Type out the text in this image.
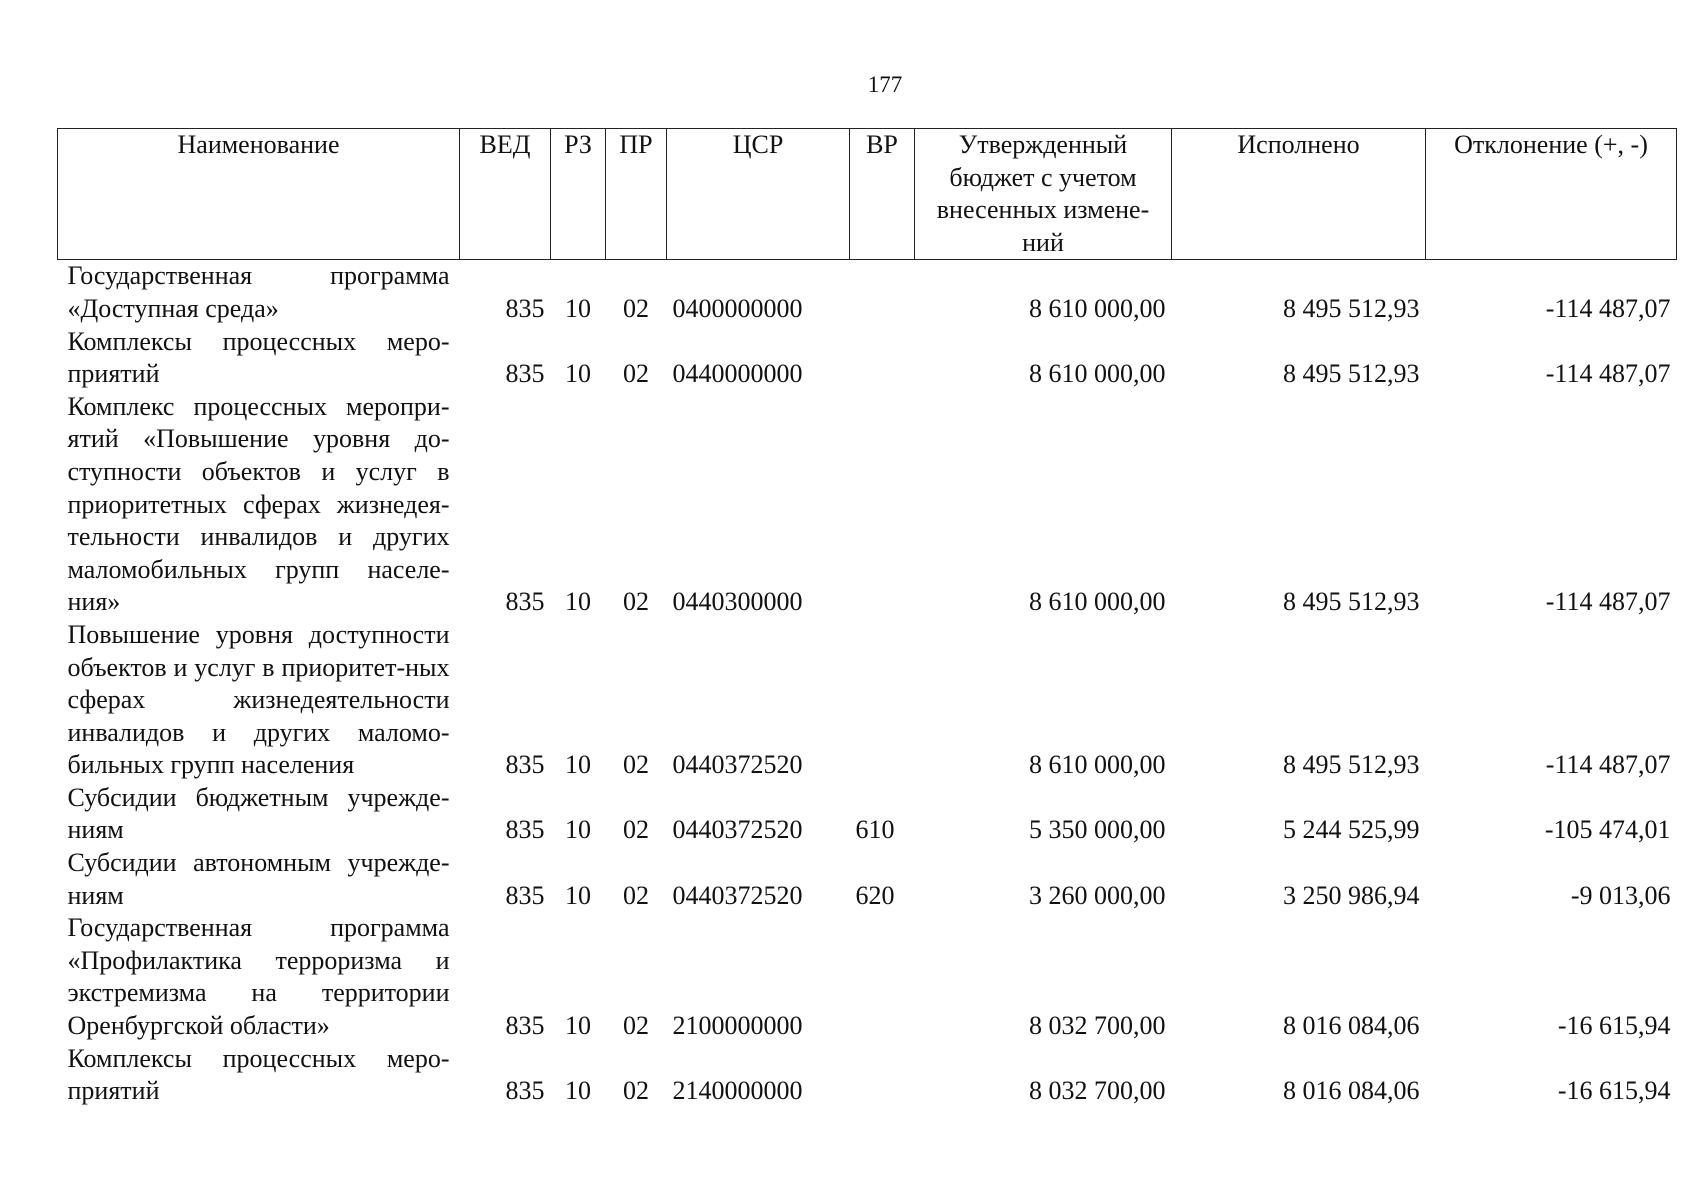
177
Наименование	ВЕД	РЗ	ПР	ЦСР	ВР	Утвержденный бюджет с учетом внесенных измене-ний	Исполнено	Отклонение (+, -)
Государственная программа «Доступная среда»	835	10	02	0400000000		8 610 000,00	8 495 512,93	-114 487,07
Комплексы процессных меро-приятий	835	10	02	0440000000		8 610 000,00	8 495 512,93	-114 487,07
Комплекс процессных меропри-ятий «Повышение уровня до-ступности объектов и услуг в приоритетных сферах жизнедея-тельности инвалидов и других маломобильных групп населе-ния»	835	10	02	0440300000		8 610 000,00	8 495 512,93	-114 487,07
Повышение уровня доступности объектов и услуг в приоритет-ных сферах жизнедеятельности инвалидов и других маломо-бильных групп населения	835	10	02	0440372520		8 610 000,00	8 495 512,93	-114 487,07
Субсидии бюджетным учрежде-ниям	835	10	02	0440372520	610	5 350 000,00	5 244 525,99	-105 474,01
Субсидии автономным учрежде-ниям	835	10	02	0440372520	620	3 260 000,00	3 250 986,94	-9 013,06
Государственная программа «Профилактика терроризма и экстремизма на территории Оренбургской области»	835	10	02	2100000000		8 032 700,00	8 016 084,06	-16 615,94
Комплексы процессных меро-приятий	835	10	02	2140000000		8 032 700,00	8 016 084,06	-16 615,94
